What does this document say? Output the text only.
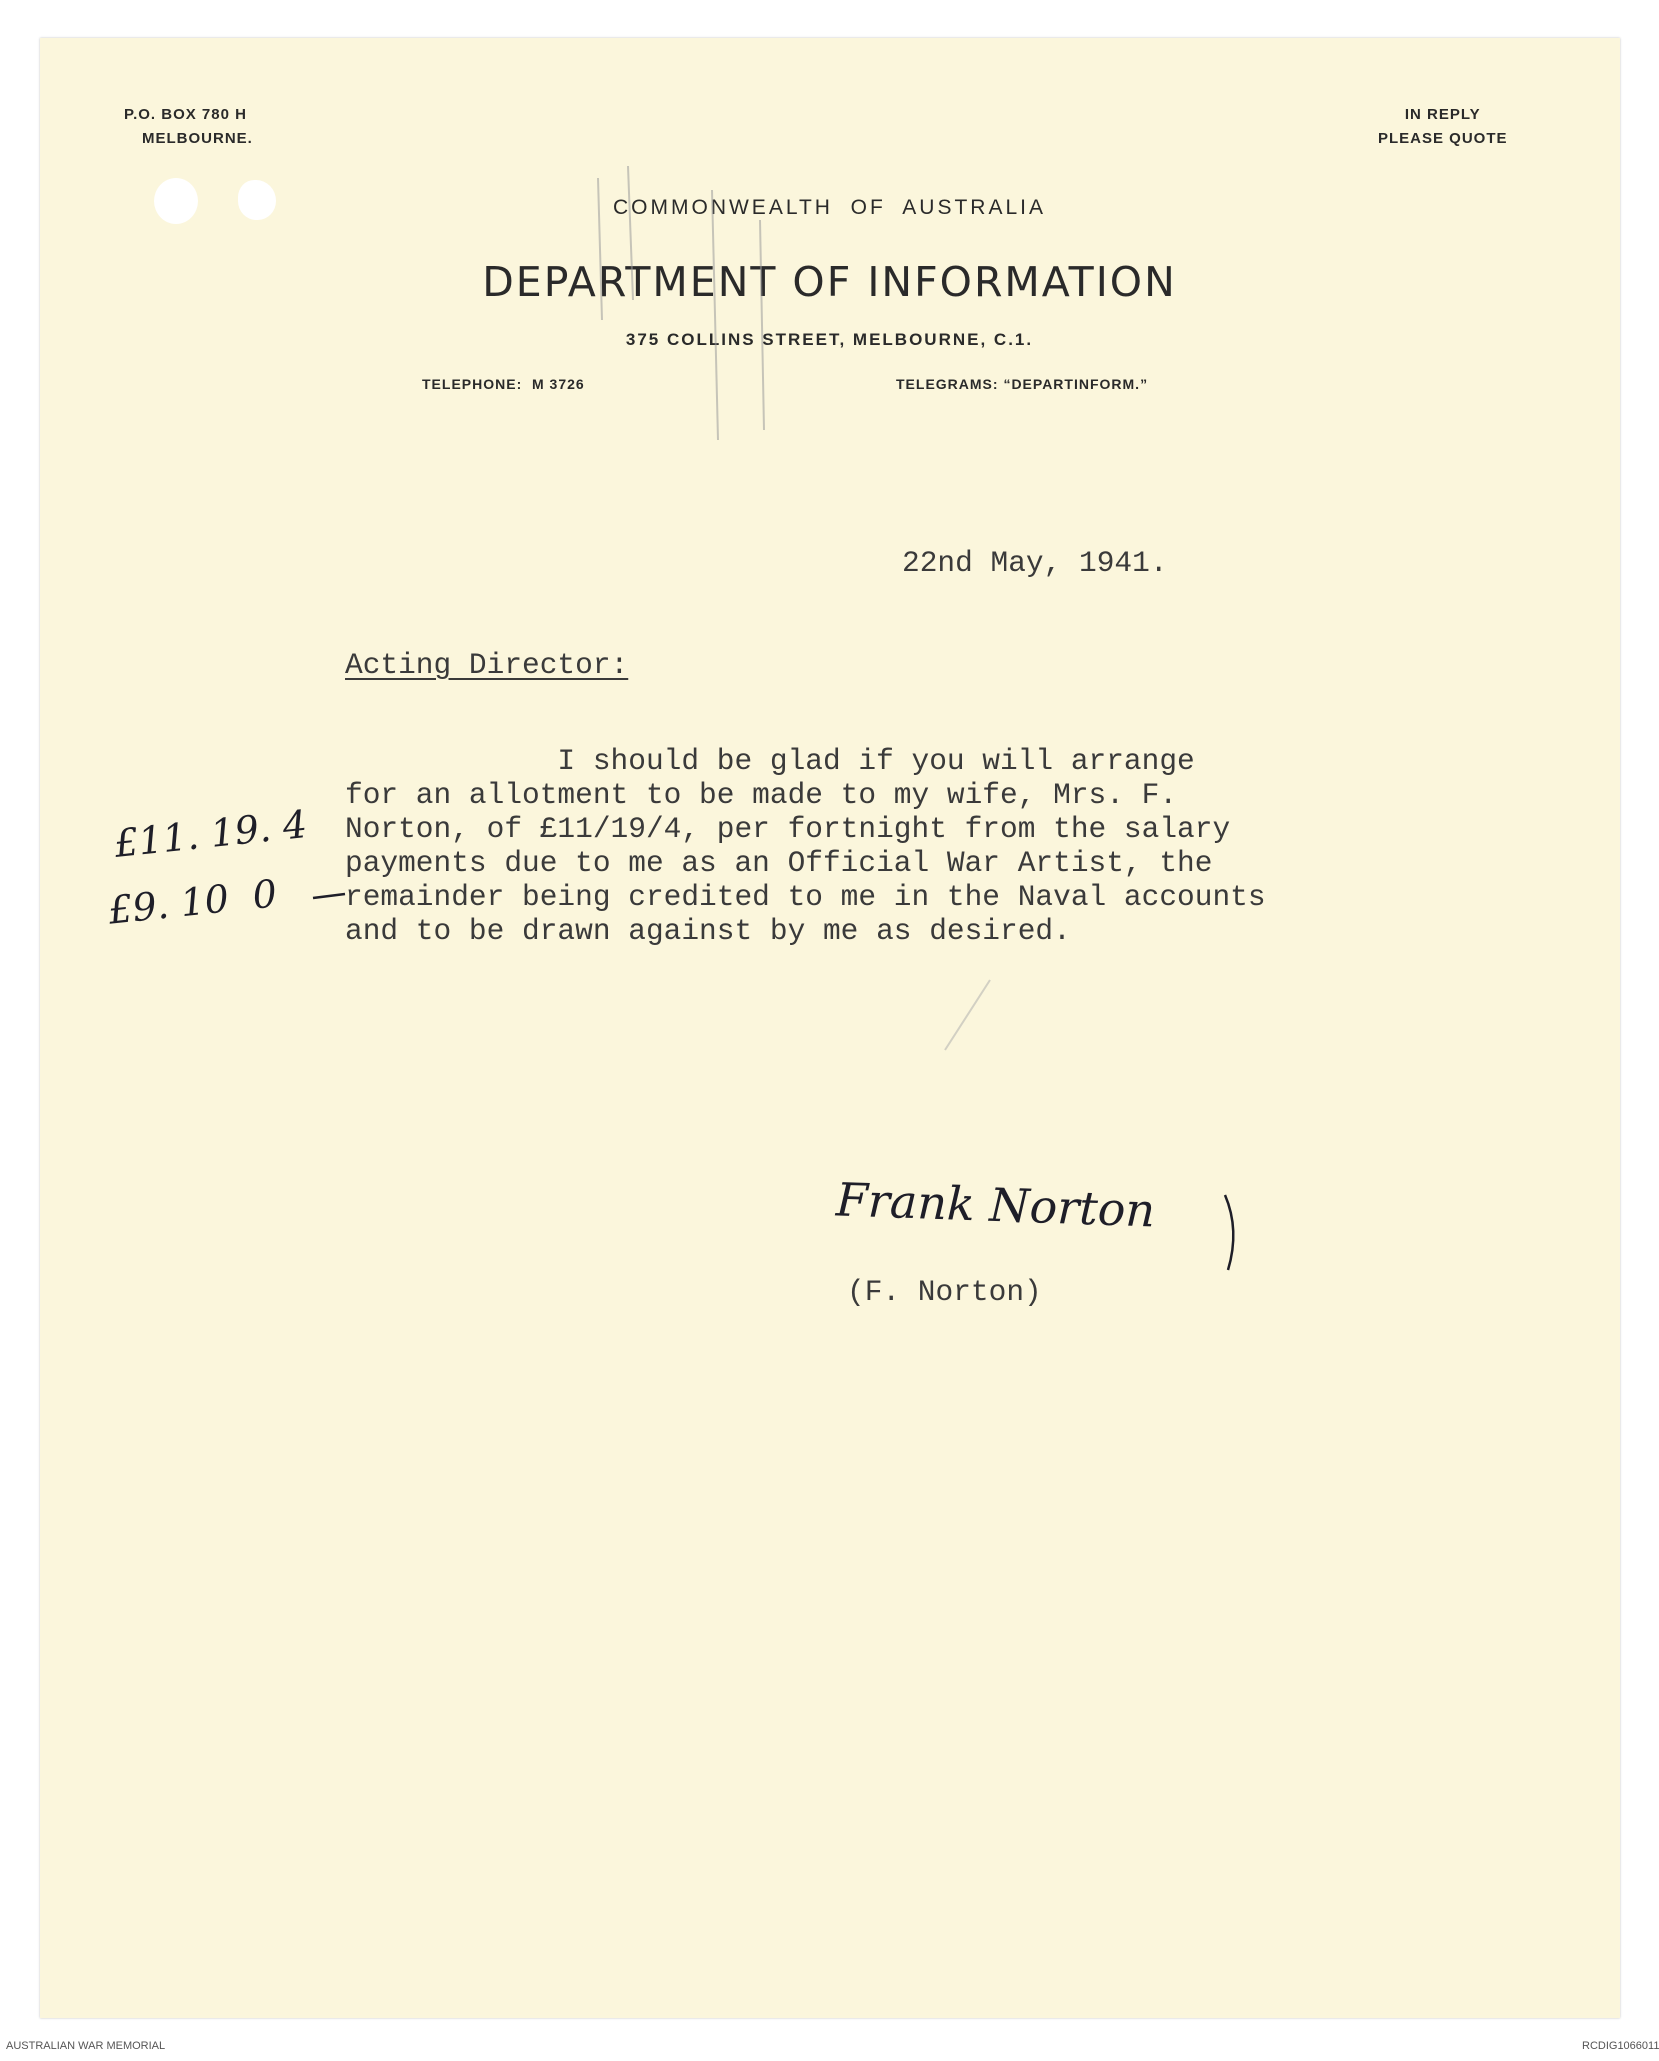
P.O. BOX 780 H
MELBOURNE.
IN REPLY
PLEASE QUOTE
COMMONWEALTH  OF  AUSTRALIA
DEPARTMENT OF INFORMATION
375 COLLINS STREET, MELBOURNE, C.1.
TELEPHONE:  M 3726	TELEGRAMS: “DEPARTINFORM.”
22nd May, 1941.
Acting Director:
I should be glad if you will arrange
for an allotment to be made to my wife, Mrs. F.
Norton, of £11/19/4, per fortnight from the salary
payments due to me as an Official War Artist, the
remainder being credited to me in the Naval accounts
and to be drawn against by me as desired.
£11. 19. 4
£9. 10  0
Frank Norton
(F. Norton)
AUSTRALIAN WAR MEMORIAL	RCDIG1066011
